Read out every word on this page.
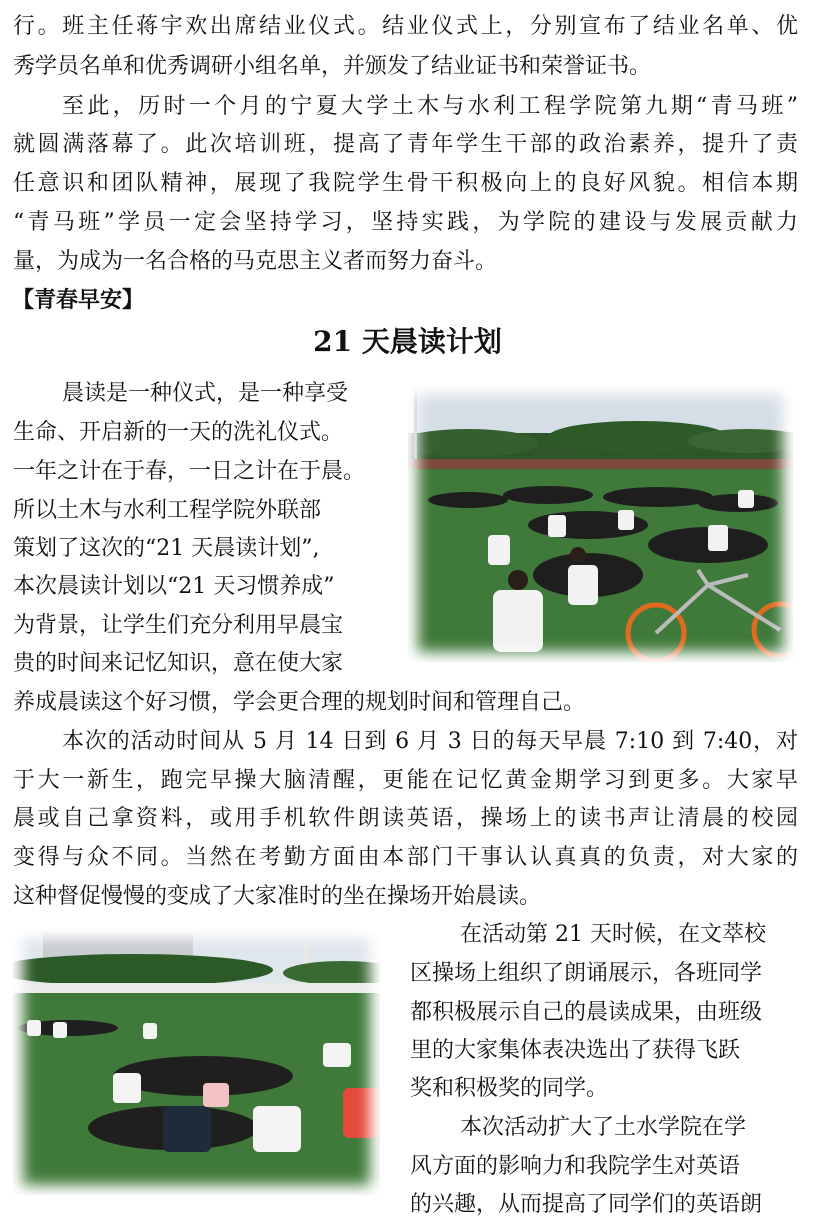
行。班主任蒋宇欢出席结业仪式。结业仪式上，分别宣布了结业名单、优
秀学员名单和优秀调研小组名单，并颁发了结业证书和荣誉证书。
至此，历时一个月的宁夏大学土木与水利工程学院第九期“青马班”
就圆满落幕了。此次培训班，提高了青年学生干部的政治素养，提升了责
任意识和团队精神，展现了我院学生骨干积极向上的良好风貌。相信本期
“青马班”学员一定会坚持学习，坚持实践，为学院的建设与发展贡献力
量，为成为一名合格的马克思主义者而努力奋斗。
【青春早安】
21 天晨读计划
晨读是一种仪式，是一种享受
生命、开启新的一天的洗礼仪式。
一年之计在于春，一日之计在于晨。
所以土木与水利工程学院外联部
策划了这次的“21 天晨读计划”,
本次晨读计划以“21 天习惯养成”
为背景，让学生们充分利用早晨宝
贵的时间来记忆知识，意在使大家
养成晨读这个好习惯，学会更合理的规划时间和管理自己。
本次的活动时间从 5 月 14 日到 6 月 3 日的每天早晨 7:10 到 7:40，对
于大一新生，跑完早操大脑清醒，更能在记忆黄金期学习到更多。大家早
晨或自己拿资料，或用手机软件朗读英语，操场上的读书声让清晨的校园
变得与众不同。当然在考勤方面由本部门干事认认真真的负责，对大家的
这种督促慢慢的变成了大家准时的坐在操场开始晨读。
在活动第 21 天时候，在文萃校
区操场上组织了朗诵展示，各班同学
都积极展示自己的晨读成果，由班级
里的大家集体表决选出了获得飞跃
奖和积极奖的同学。
本次活动扩大了土水学院在学
风方面的影响力和我院学生对英语
的兴趣，从而提高了同学们的英语朗
